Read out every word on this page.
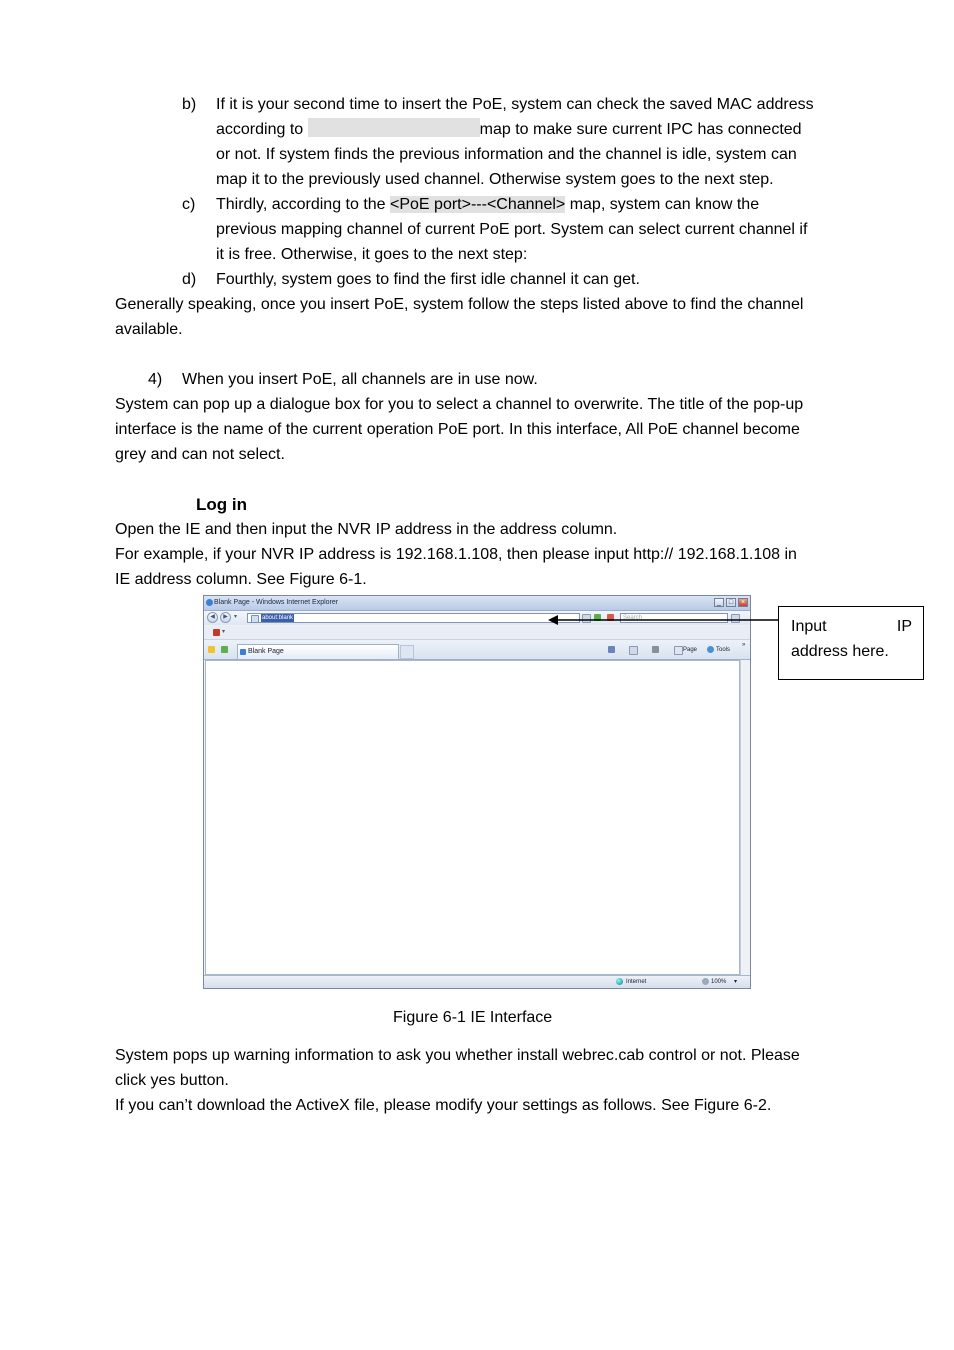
b) If it is your second time to insert the PoE, system can check the saved MAC address
according to	map to make sure current IPC has connected
or not. If system finds the previous information and the channel is idle, system can
map it to the previously used channel. Otherwise system goes to the next step.
c) Thirdly, according to the <PoE port>---<Channel> map, system can know the
previous mapping channel of current PoE port. System can select current channel if
it is free. Otherwise, it goes to the next step:
d) Fourthly, system goes to find the first idle channel it can get.
Generally speaking, once you insert PoE, system follow the steps listed above to find the channel
available.
4) When you insert PoE, all channels are in use now.
System can pop up a dialogue box for you to select a channel to overwrite. The title of the pop-up
interface is the name of the current operation PoE port. In this interface, All PoE channel become
grey and can not select.
Log in
Open the IE and then input the NVR IP address in the address column.
For example, if your NVR IP address is 192.168.1.108, then please input http:// 192.168.1.108 in
IE address column. See Figure 6-1.
Blank Page - Windows Internet Explorer	_	□	×
◀	▶	▾	about:blank	Search
▾
Blank Page	Page	Tools
»
Internet	100% ▾
Input IP
address here.
Figure 6-1 IE Interface
System pops up warning information to ask you whether install webrec.cab control or not. Please
click yes button.
If you can’t download the ActiveX file, please modify your settings as follows. See Figure 6-2.
